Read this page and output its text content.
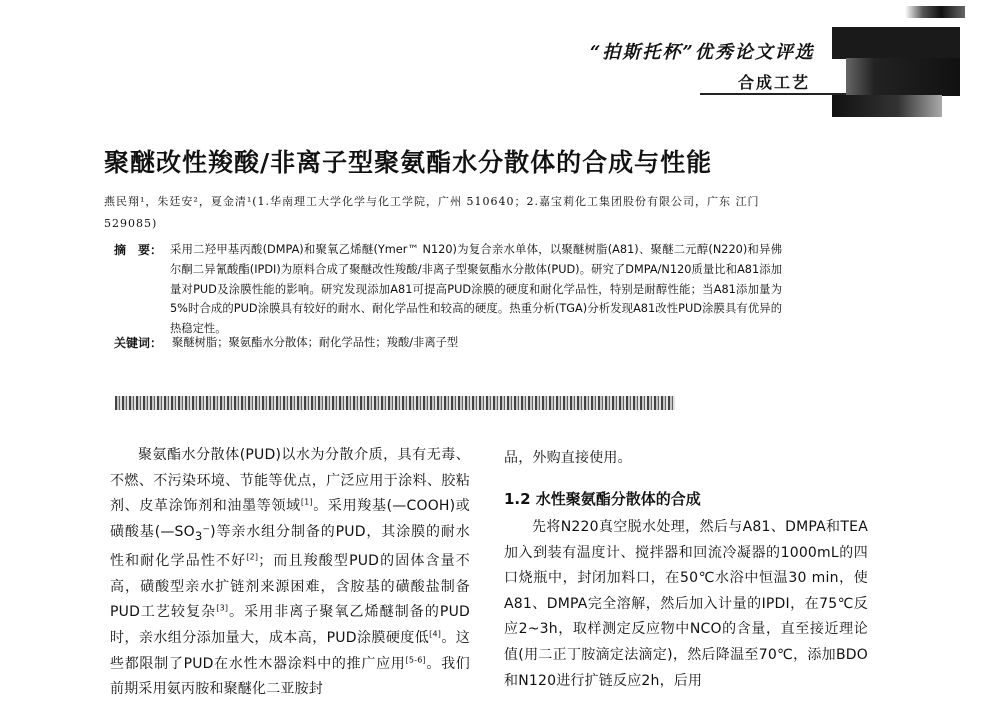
“拍斯托杯”优秀论文评选
合成工艺
聚醚改性羧酸/非离子型聚氨酯水分散体的合成与性能
燕民翔¹，朱廷安²，夏金清¹(1.华南理工大学化学与化工学院，广州 510640；2.嘉宝莉化工集团股份有限公司，广东 江门 529085)
摘　要： 采用二羟甲基丙酸(DMPA)和聚氧乙烯醚(Ymer™ N120)为复合亲水单体，以聚醚树脂(A81)、聚醚二元醇(N220)和异佛尔酮二异氰酸酯(IPDI)为原料合成了聚醚改性羧酸/非离子型聚氨酯水分散体(PUD)。研究了DMPA/N120质量比和A81添加量对PUD及涂膜性能的影响。研究发现添加A81可提高PUD涂膜的硬度和耐化学品性，特别是耐醇性能；当A81添加量为5%时合成的PUD涂膜具有较好的耐水、耐化学品性和较高的硬度。热重分析(TGA)分析发现A81改性PUD涂膜具有优异的热稳定性。
关键词： 聚醚树脂；聚氨酯水分散体；耐化学品性；羧酸/非离子型
聚氨酯水分散体(PUD)以水为分散介质，具有无毒、不燃、不污染环境、节能等优点，广泛应用于涂料、胶粘剂、皮革涂饰剂和油墨等领域[1]。采用羧基(—COOH)或磺酸基$(—SO_3^-)$等亲水组分制备的PUD，其涂膜的耐水性和耐化学品性不好[2]；而且羧酸型PUD的固体含量不高，磺酸型亲水扩链剂来源困难，含胺基的磺酸盐制备PUD工艺较复杂[3]。采用非离子聚氧乙烯醚制备的PUD时，亲水组分添加量大，成本高，PUD涂膜硬度低[4]。这些都限制了PUD在水性木器涂料中的推广应用[5-6]。我们前期采用氨丙胺和聚醚化二亚胺封
品，外购直接使用。
1.2 水性聚氨酯分散体的合成
先将N220真空脱水处理，然后与A81、DMPA和TEA加入到装有温度计、搅拌器和回流冷凝器的1000mL的四口烧瓶中，封闭加料口，在50℃水浴中恒温30 min，使A81、DMPA完全溶解，然后加入计量的IPDI，在75℃反应2~3h，取样测定反应物中NCO的含量，直至接近理论值(用二正丁胺滴定法滴定)，然后降温至70℃，添加BDO和N120进行扩链反应2h，后用
